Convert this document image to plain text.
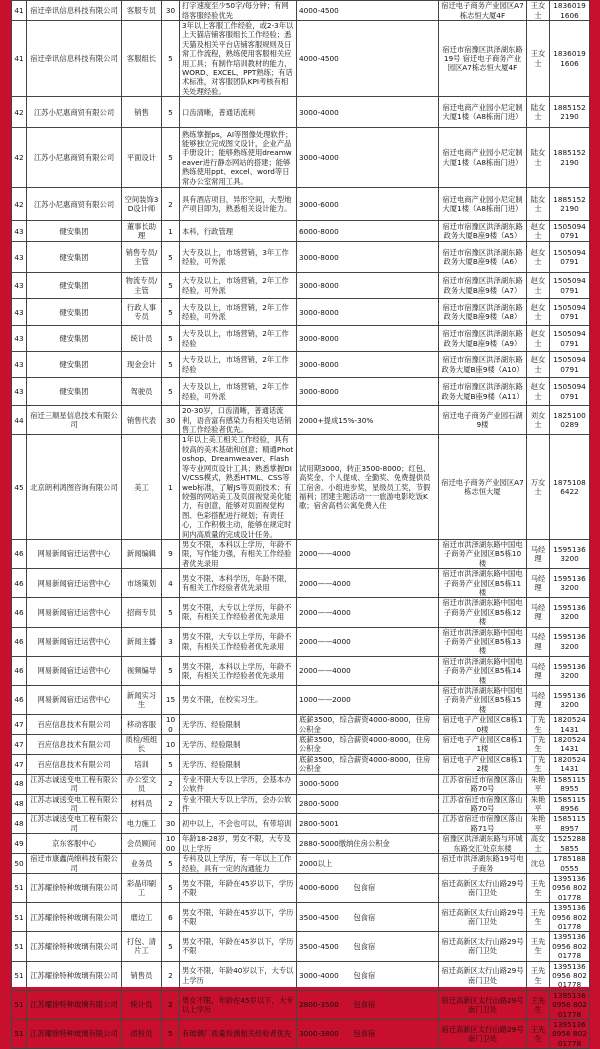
41	宿迁牵讯信息科技有限公司	客服专员	30	打字速度至少50字/每分钟；有网络客服经验优先	4000-4500	宿迁电子商务产业园区A7栋志恒大厦4F	王女士	18360191606
41	宿迁牵讯信息科技有限公司	客服组长	5	3年以上客服工作经验，或2-3年以上天猫店铺客服组长工作经验；悉天猫及相关平台店铺客服规则及日常工作流程，熟练使用客服相关应用工具；有制作培训教材的能力，WORD、EXCEL、PPT熟练；有话术标准，对客服团队KPI考核有相关处理经验。	4000-4500	宿迁市宿豫区洪泽湖东路19号 宿迁电子商务产业园区A7栋志恒大厦4F	王女士	18360191606
42	江苏小尼惠商贸有限公司	销售	5	口齿清晰，普通话流利	3000-4000	宿迁电商产业园小尼定制大厦1楼（A8栋南门进）	陆女士	18851522190
42	江苏小尼惠商贸有限公司	平面设计	5	熟练掌握ps，AI等图像处理软件；能够独立完成图文设计，企业产品手册设计；能够熟练使用dreamweaver进行静态网站的搭建；能够熟练使用ppt、excel、word等日常办公室常用工具。	3000-4000	宿迁电商产业园小尼定制大厦1楼（A8栋南门进）	陆女士	18851522190
42	江苏小尼惠商贸有限公司	空间装饰3D设计师	2	具有酒店项目，异形空间，大型地产项目即为，熟悉相关设计能力。	3000-6000	宿迁电商产业园小尼定制大厦1楼（A8栋南门进）	陆女士	18851522190
43	健安集团	董事长助理	1	本科，行政管理	6000-8000	宿迁市宿豫区洪泽湖东路政务大厦B座9楼（A5）	赵女士	15050940791
43	健安集团	销售专员/主管	5	大专及以上，市场营销，3年工作经验，可外派	3000-8000	宿迁市宿豫区洪泽湖东路政务大厦B座9楼（A6）	赵女士	15050940791
43	健安集团	物流专员/主管	5	大专及以上，市场营销，2年工作经验，可外派	3000-8000	宿迁市宿豫区洪泽湖东路政务大厦B座9楼（A7）	赵女士	15050940791
43	健安集团	行政人事专员	5	大专及以上，市场营销，2年工作经验，可外派	3000-8000	宿迁市宿豫区洪泽湖东路政务大厦B座9楼（A8）	赵女士	15050940791
43	健安集团	统计员	5	大专及以上，市场营销，2年工作经验	3000-8000	宿迁市宿豫区洪泽湖东路政务大厦B座9楼（A9）	赵女士	15050940791
43	健安集团	现金会计	5	大专及以上，市场营销，2年工作经验	3000-8000	宿迁市宿豫区洪泽湖东路政务大厦B座9楼（A10）	赵女士	15050940791
43	健安集团	驾驶员	5	大专及以上，市场营销，2年工作经验，可外派	3000-8000	宿迁市宿豫区洪泽湖东路政务大厦B座9楼（A11）	赵女士	15050940791
44	宿迁三顺星信息技术有限公司	销售代表	30	20-30岁，口齿清晰，普通话流利，语音富有感染力有相关电话销售工作经验者优先。	2000+提成15%-30%	宿迁电子商务产业园石湖9楼	刘女士	18251000289
45	北京朗利鸿图咨询有限公司	美工	1	1年以上美工相关工作经验，具有较高的美术基础和创意；精通Photoshop、Dreamweaver、Flash等专业网页设计工具；熟悉掌握DIV/CSS模式，熟悉HTML、CSS等web标准，了解JS等页面技术；有较强的网站美工及页面视觉美化能力，有创意，能够对页面视觉构图、色彩搭配进行规划；有责任心，工作积极主动，能够在规定时间内高质量的完成设计任务。	试用期3000，转正3500-8000；红包、高奖金、个人提成、全勤奖、免费提供员工宿舍。小组进步奖，星级员工奖，节假福利；团建主题活动一一旅游电影吃饭K歌；宿舍高档公寓免费入住	宿迁电子商务产业园区A7栋志恒大厦	万女士	18751086422
46	网易新闻宿迁运营中心	新闻编辑	9	男女不限，本科以上学历，年龄不限，写作能力强，有相关工作经验者优先录用	2000——4000	宿迁市洪泽湖东路中国电子商务产业园区B5栋10楼	马经理	15951363200
46	网易新闻宿迁运营中心	市场策划	4	男女不限，本科学历，年龄不限，有相关工作经验者优先录用	2000——4000	宿迁市洪泽湖东路中国电子商务产业园区B5栋11楼	马经理	15951363200
46	网易新闻宿迁运营中心	招商专员	5	男女不限，大专以上学历，年龄不限，有相关工作经验者优先录用	2000——4000	宿迁市洪泽湖东路中国电子商务产业园区B5栋12楼	马经理	15951363200
46	网易新闻宿迁运营中心	新闻主播	3	男女不限，大专以上学历，年龄不限，有相关工作经验者优先录用	2000——4000	宿迁市洪泽湖东路中国电子商务产业园区B5栋13楼	马经理	15951363200
46	网易新闻宿迁运营中心	视频编导	5	男女不限，本科以上学历，年龄不限，有相关工作经验者优先录用	2000——4000	宿迁市洪泽湖东路中国电子商务产业园区B5栋14楼	马经理	15951363200
46	网易新闻宿迁运营中心	新闻实习生	15	男女不限，在校实习生。	1000——2000	宿迁市洪泽湖东路中国电子商务产业园区B5栋15楼	马经理	15951363200
47	百应信息技术有限公司	移动客服	100	无学历、经验限制	底薪3500，综合薪资4000-8000，住房公积金	宿迁电子产业园区C8栋10楼	丁先生	18205241431
47	百应信息技术有限公司	质检/班组长	10	无学历、经验限制	底薪3500，综合薪资4000-8000，住房公积金	宿迁电子产业园区C8栋11楼	丁先生	18205241431
47	百应信息技术有限公司	培训	5	无学历、经验限制	底薪3500，综合薪资4000-8000，住房公积金	宿迁电子产业园区C8栋12楼	丁先生	18205241431
48	江苏志诚送变电工程有限公司	办公室文员	2	专业不限大专以上学历，会基本办公软件	3000-5000	江苏省宿迁市宿豫区落山路70号	朱艳平	15851158955
48	江苏志诚送变电工程有限公司	材料员	2	专业不限大专以上学历，会办公软件	2800-5000	江苏省宿迁市宿豫区落山路70号	朱艳平	15851158956
48	江苏志诚送变电工程有限公司	电力施工	30	初中以上，不会也可以，有带培训	2800-5001	江苏省宿迁市宿豫区落山路71号	朱艳平	15851158957
49	京东客服中心	会员顾问	1000	年龄18-28岁，男女不限，大专及以上学历	2880-5000缴纳住房公积金	宿豫区洪泽湖东路与环城东路交汇处京东楼	高女士	15252885855
50	宿迁市康鑫尚绵科技有限公司	业务员	5	专科及以上学历，有一年以上工作经验，具有一定的沟通能力	2000以上	宿迁市洪泽湖东路19号电子商务	沈总	17851880555
51	江苏耀徐特种玻璃有限公司	彩晶印刷工	5	男女不限，年龄在45岁以下，学历不限	4000-6000　　包食宿	宿迁高新区太行山路29号南门卫处	王先生	13951360956 80201778
51	江苏耀徐特种玻璃有限公司	磨边工	6	男女不限，年龄在45岁以下，学历不限	3500-4500　　包食宿	宿迁高新区太行山路29号南门卫处	王先生	13951360956 80201778
51	江苏耀徐特种玻璃有限公司	打包、清片工	5	男女不限，年龄在45岁以下，学历不限	3500-4500　　包食宿	宿迁高新区太行山路29号南门卫处	王先生	13951360956 80201778
51	江苏耀徐特种玻璃有限公司	销售员	2	男女不限，年龄40岁以下，大专以上学历	3000-4000　　包食宿	宿迁高新区太行山路29号南门卫处	王先生	13951360956 80201778
51	江苏耀徐特种玻璃有限公司	统计员	2	男女不限，年龄在45岁以下，大专以上学历	2800-3500　　包食宿	宿迁高新区太行山路29号南门卫处	王先生	13951360956 80201778
51	江苏耀徐特种玻璃有限公司	质检员	5	有玻璃厂质量检测相关经验者优先	3000-3800　　包食宿	宿迁高新区太行山路29号南门卫处	王先生	13951360956 80201778
